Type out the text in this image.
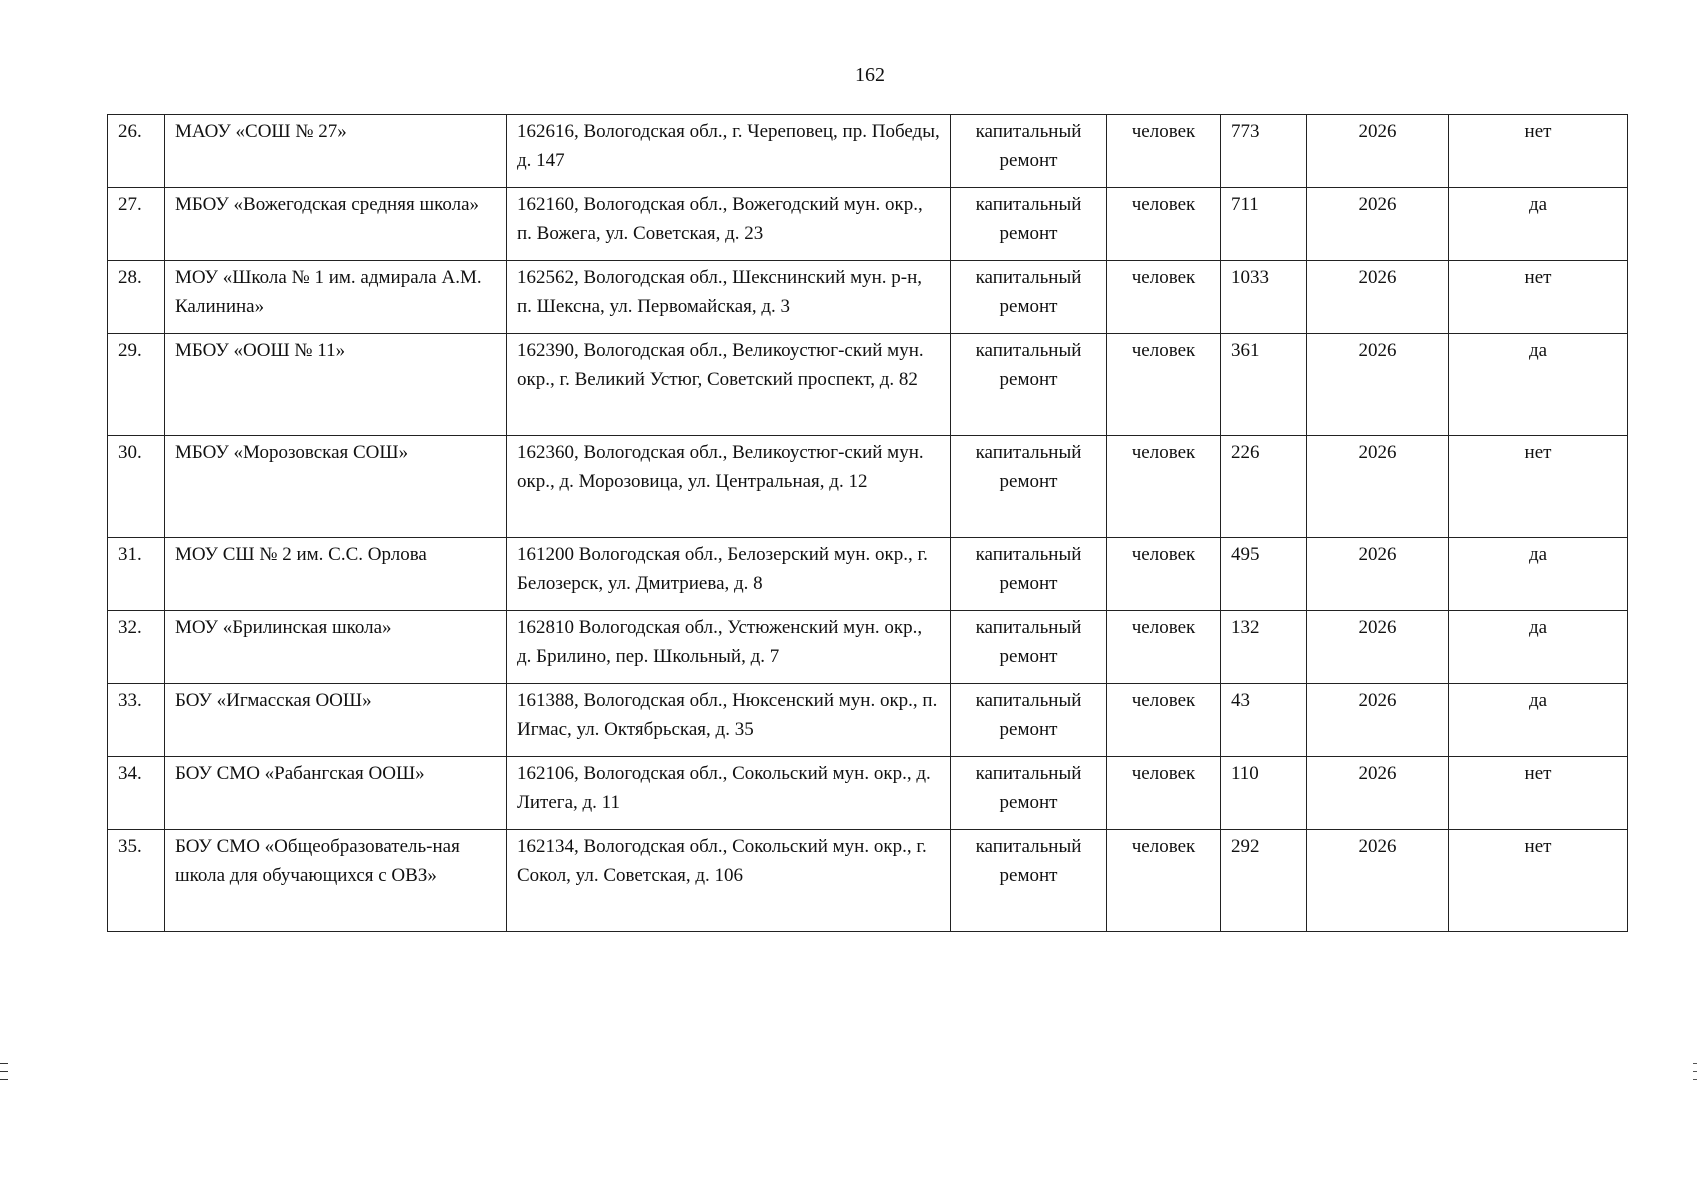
162
26.	МАОУ «СОШ № 27»	162616, Вологодская обл., г. Череповец, пр. Победы, д. 147	капитальный ремонт	человек	773	2026	нет
27.	МБОУ «Вожегодская средняя школа»	162160, Вологодская обл., Вожегодский мун. окр., п. Вожега, ул. Советская, д. 23	капитальный ремонт	человек	711	2026	да
28.	МОУ «Школа № 1 им. адмирала А.М. Калинина»	162562, Вологодская обл., Шекснинский мун. р-н, п. Шексна, ул. Первомайская, д. 3	капитальный ремонт	человек	1033	2026	нет
29.	МБОУ «ООШ № 11»	162390, Вологодская обл., Великоустюг-ский мун. окр., г. Великий Устюг, Советский проспект, д. 82	капитальный ремонт	человек	361	2026	да
30.	МБОУ «Морозовская СОШ»	162360, Вологодская обл., Великоустюг-ский мун. окр., д. Морозовица, ул. Центральная, д. 12	капитальный ремонт	человек	226	2026	нет
31.	МОУ СШ № 2 им. С.С. Орлова	161200 Вологодская обл., Белозерский мун. окр., г. Белозерск, ул. Дмитриева, д. 8	капитальный ремонт	человек	495	2026	да
32.	МОУ «Брилинская школа»	162810 Вологодская обл., Устюженский мун. окр., д. Брилино, пер. Школьный, д. 7	капитальный ремонт	человек	132	2026	да
33.	БОУ «Игмасская ООШ»	161388, Вологодская обл., Нюксенский мун. окр., п. Игмас, ул. Октябрьская, д. 35	капитальный ремонт	человек	43	2026	да
34.	БОУ СМО «Рабангская ООШ»	162106, Вологодская обл., Сокольский мун. окр., д. Литега, д. 11	капитальный ремонт	человек	110	2026	нет
35.	БОУ СМО «Общеобразователь-ная школа для обучающихся с ОВЗ»	162134, Вологодская обл., Сокольский мун. окр., г. Сокол, ул. Советская, д. 106	капитальный ремонт	человек	292	2026	нет
